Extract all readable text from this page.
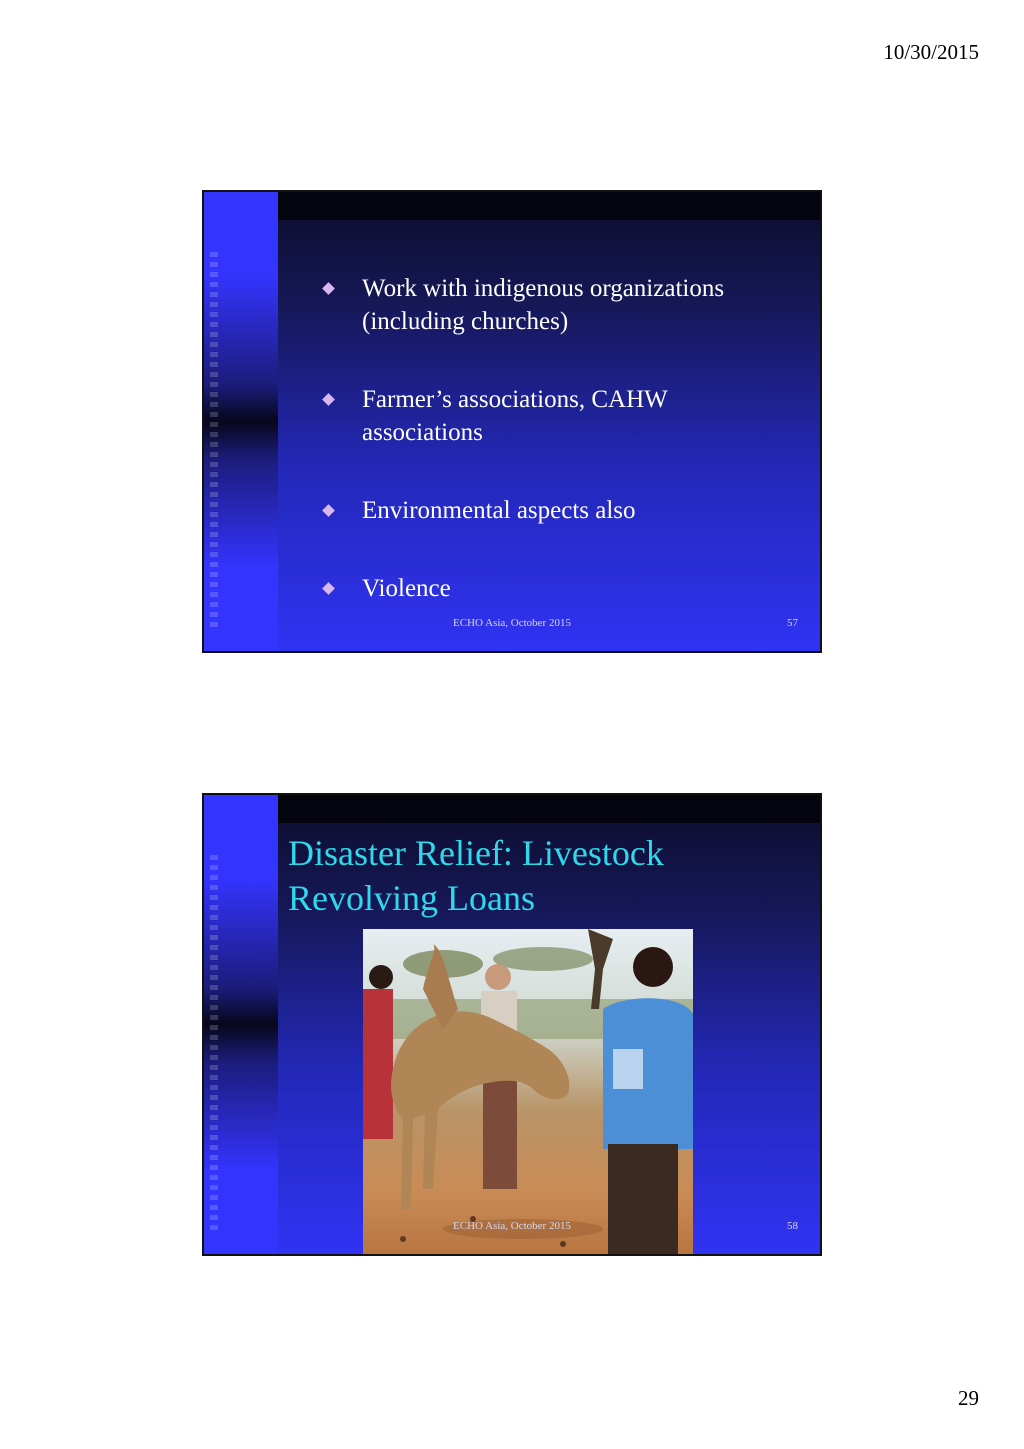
10/30/2015
Work with indigenous organizations (including churches)
Farmer’s associations, CAHW associations
Environmental aspects also
Violence
ECHO Asia, October 2015	57
Disaster Relief: Livestock Revolving Loans
ECHO Asia, October 2015	58
29
